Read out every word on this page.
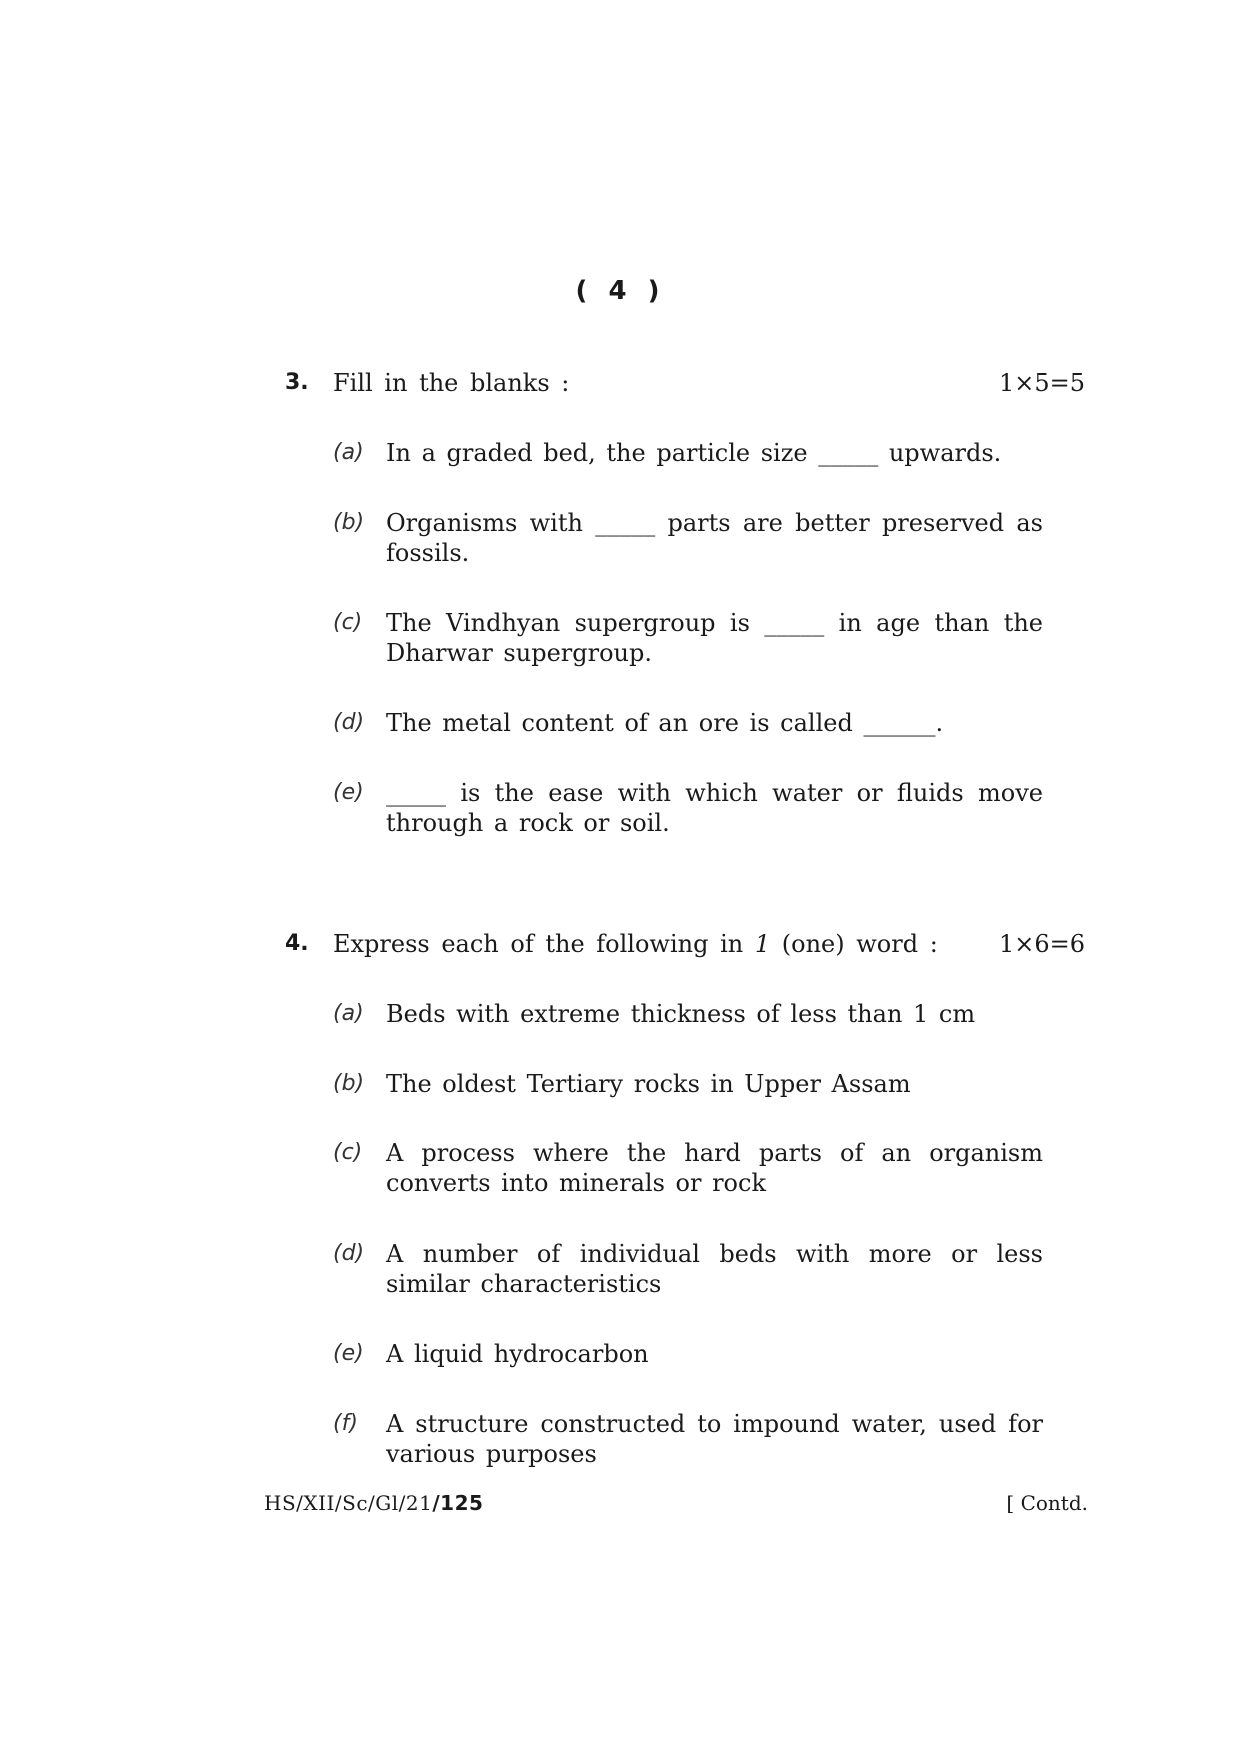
( 4 )
3. Fill in the blanks :	1×5=5
(a) In a graded bed, the particle size _____ upwards.
(b) Organisms with _____ parts are better preserved as
fossils.
(c) The Vindhyan supergroup is _____ in age than the
Dharwar supergroup.
(d) The metal content of an ore is called ______.
(e) _____ is the ease with which water or fluids move
through a rock or soil.
4. Express each of the following in 1 (one) word :	1×6=6
(a) Beds with extreme thickness of less than 1 cm
(b) The oldest Tertiary rocks in Upper Assam
(c) A process where the hard parts of an organism
converts into minerals or rock
(d) A number of individual beds with more or less
similar characteristics
(e) A liquid hydrocarbon
(f) A structure constructed to impound water, used for
various purposes
HS/XII/Sc/Gl/21/125	[ Contd.
